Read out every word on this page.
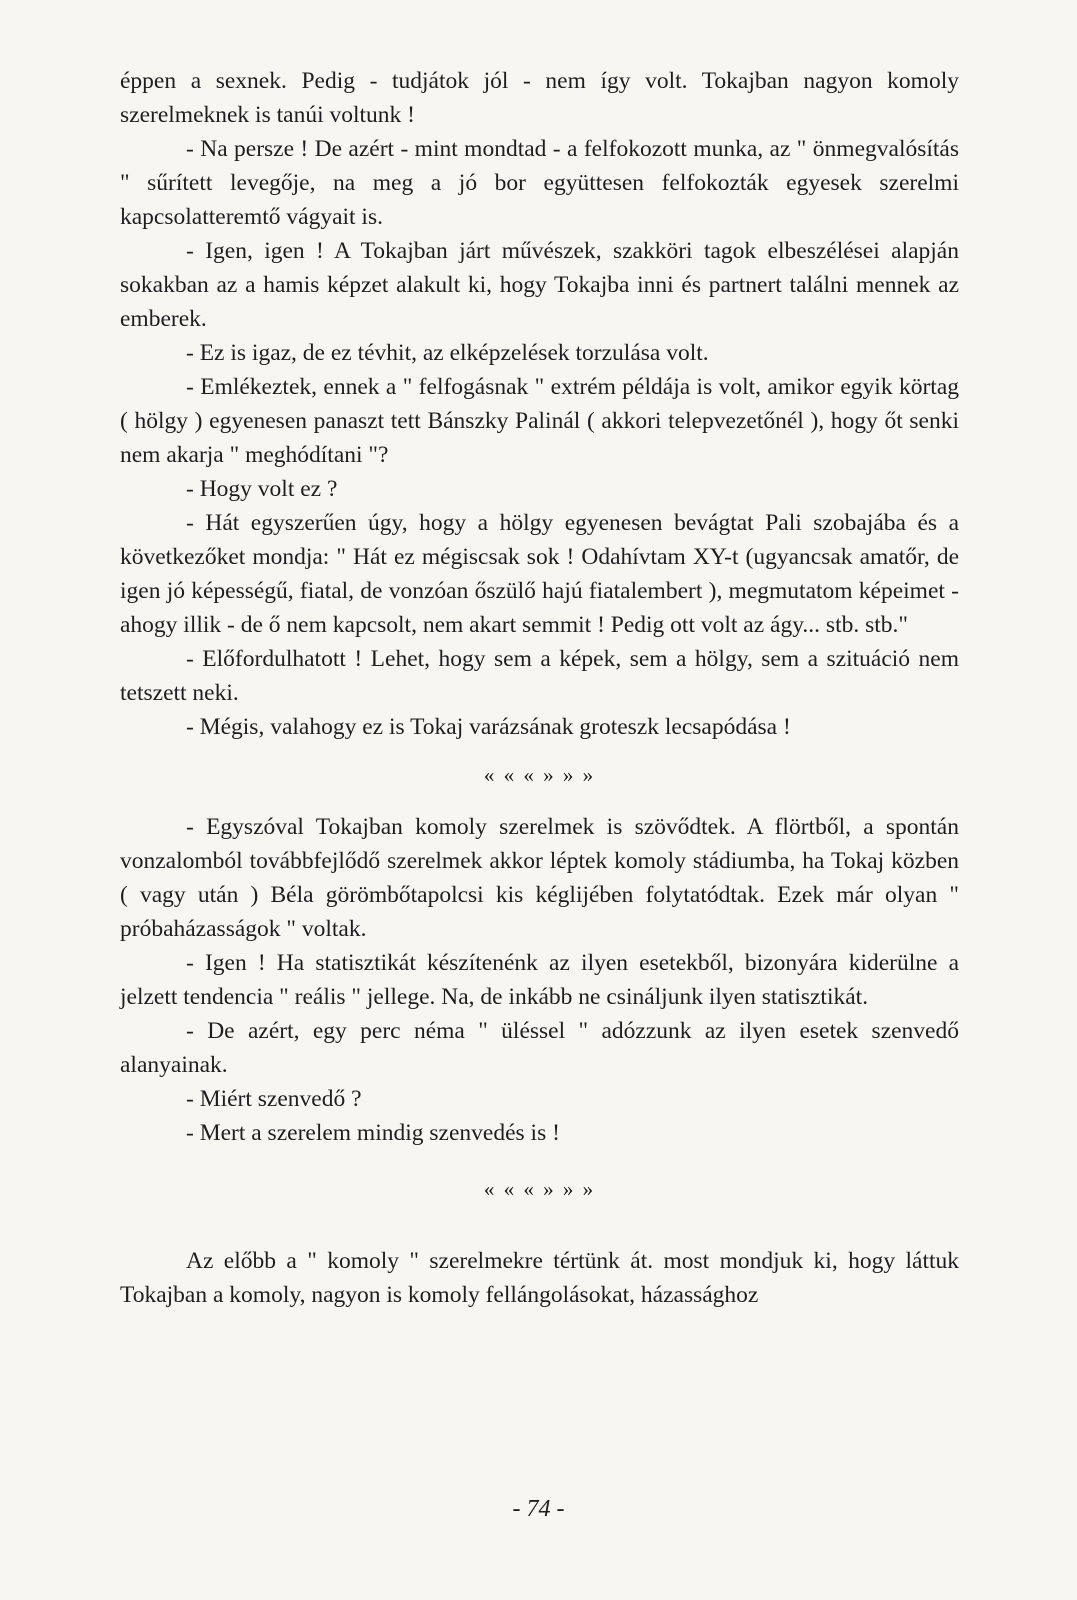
éppen a sexnek. Pedig - tudjátok jól - nem így volt. Tokajban nagyon komoly szerelmeknek is tanúi voltunk !

- Na persze ! De azért - mint mondtad - a felfokozott munka, az " önmegvalósítás " sűrített levegője, na meg a jó bor együttesen felfokozták egyesek szerelmi kapcsolatteremtő vágyait is.

- Igen, igen ! A Tokajban járt művészek, szakköri tagok elbeszélései alapján sokakban az a hamis képzet alakult ki, hogy Tokajba inni és partnert találni mennek az emberek.

- Ez is igaz, de ez tévhit, az elképzelések torzulása volt.

- Emlékeztek, ennek a " felfogásnak " extrém példája is volt, amikor egyik körtag ( hölgy ) egyenesen panaszt tett Bánszky Palinál ( akkori telepvezetőnél ), hogy őt senki nem akarja " meghódítani "?

- Hogy volt ez ?

- Hát egyszerűen úgy, hogy a hölgy egyenesen bevágtat Pali szobajába és a következőket mondja: " Hát ez mégiscsak sok ! Odahívtam XY-t (ugyancsak amatőr, de igen jó képességű, fiatal, de vonzóan őszülő hajú fiatalembert ), megmutatom képeimet - ahogy illik - de ő nem kapcsolt, nem akart semmit ! Pedig ott volt az ágy... stb. stb."

- Előfordulhatott ! Lehet, hogy sem a képek, sem a hölgy, sem a szituáció nem tetszett neki.

- Mégis, valahogy ez is Tokaj varázsának groteszk lecsapódása !

« « « » » »

- Egyszóval Tokajban komoly szerelmek is szövődtek. A flörtből, a spontán vonzalomból továbbfejlődő szerelmek akkor léptek komoly stádiumba, ha Tokaj közben ( vagy után ) Béla görömbőtapolcsi kis kéglijében folytatódtak. Ezek már olyan " próbaházasságok " voltak.

- Igen ! Ha statisztikát készítenénk az ilyen esetekből, bizonyára kiderülne a jelzett tendencia " reális " jellege. Na, de inkább ne csináljunk ilyen statisztikát.

- De azért, egy perc néma " üléssel " adózzunk az ilyen esetek szenvedő alanyainak.

- Miért szenvedő ?

- Mert a szerelem mindig szenvedés is !

« « « » » »

Az előbb a " komoly " szerelmekre tértünk át. most mondjuk ki, hogy láttuk Tokajban a komoly, nagyon is komoly fellángolásokat, házassághoz

- 74 -
